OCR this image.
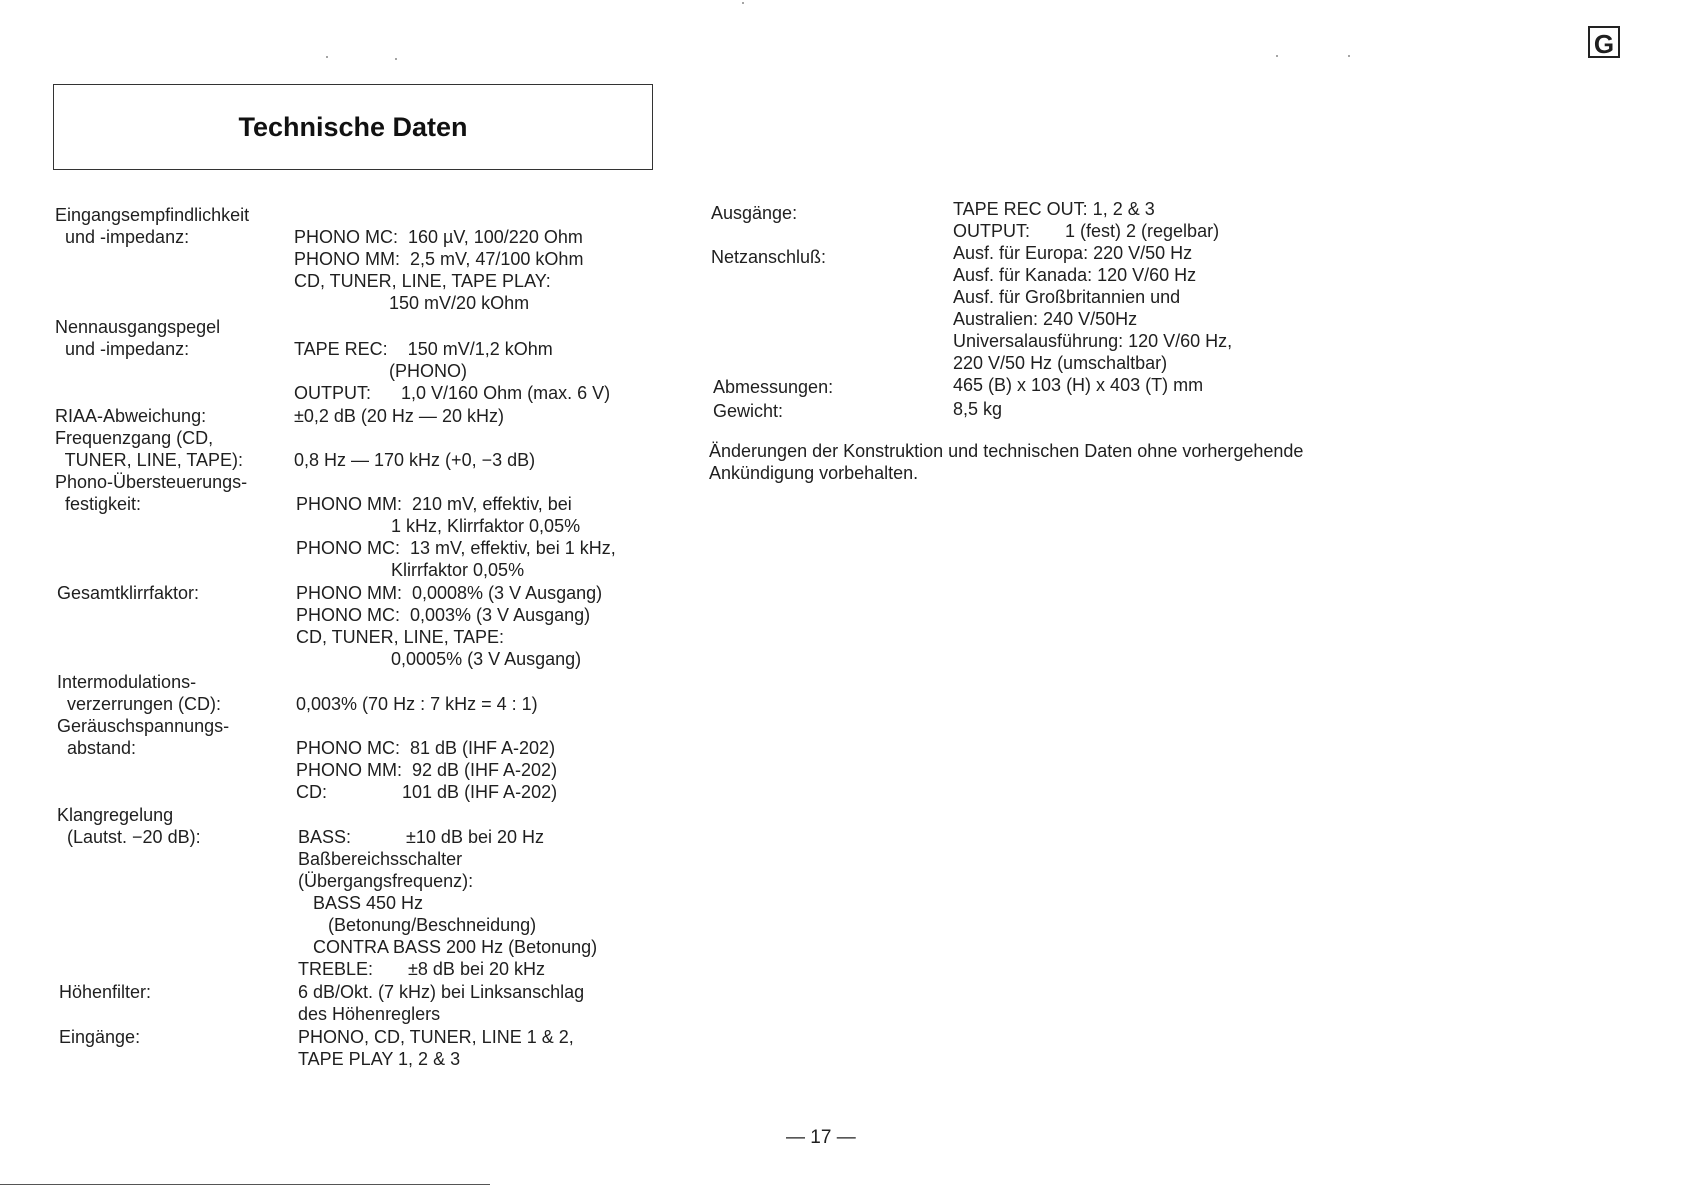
G
Technische Daten
Eingangsempfindlichkeit
und -impedanz:	PHONO MC:  160 µV, 100/220 Ohm
PHONO MM:  2,5 mV, 47/100 kOhm
CD, TUNER, LINE, TAPE PLAY:
150 mV/20 kOhm
Nennausgangspegel
und -impedanz:	TAPE REC:    150 mV/1,2 kOhm
(PHONO)
OUTPUT:      1,0 V/160 Ohm (max. 6 V)
RIAA-Abweichung:	±0,2 dB (20 Hz — 20 kHz)
Frequenzgang (CD,
TUNER, LINE, TAPE):	0,8 Hz — 170 kHz (+0, −3 dB)
Phono-Übersteuerungs-
festigkeit:	PHONO MM:  210 mV, effektiv, bei
1 kHz, Klirrfaktor 0,05%
PHONO MC:  13 mV, effektiv, bei 1 kHz,
Klirrfaktor 0,05%
Gesamtklirrfaktor:	PHONO MM:  0,0008% (3 V Ausgang)
PHONO MC:  0,003% (3 V Ausgang)
CD, TUNER, LINE, TAPE:
0,0005% (3 V Ausgang)
Intermodulations-
verzerrungen (CD):	0,003% (70 Hz : 7 kHz = 4 : 1)
Geräuschspannungs-
abstand:	PHONO MC:  81 dB (IHF A-202)
PHONO MM:  92 dB (IHF A-202)
CD:               101 dB (IHF A-202)
Klangregelung
(Lautst. −20 dB):	BASS:           ±10 dB bei 20 Hz
Baßbereichsschalter
(Übergangsfrequenz):
BASS 450 Hz
(Betonung/Beschneidung)
CONTRA BASS 200 Hz (Betonung)
TREBLE:       ±8 dB bei 20 kHz
Höhenfilter:	6 dB/Okt. (7 kHz) bei Linksanschlag
des Höhenreglers
Eingänge:	PHONO, CD, TUNER, LINE 1 & 2,
TAPE PLAY 1, 2 & 3
Ausgänge:	TAPE REC OUT: 1, 2 & 3
OUTPUT:       1 (fest) 2 (regelbar)
Netzanschluß:	Ausf. für Europa: 220 V/50 Hz
Ausf. für Kanada: 120 V/60 Hz
Ausf. für Großbritannien und
Australien: 240 V/50Hz
Universalausführung: 120 V/60 Hz,
220 V/50 Hz (umschaltbar)
Abmessungen:	465 (B) x 103 (H) x 403 (T) mm
Gewicht:	8,5 kg
Änderungen der Konstruktion und technischen Daten ohne vorhergehende Ankündigung vorbehalten.
— 17 —
